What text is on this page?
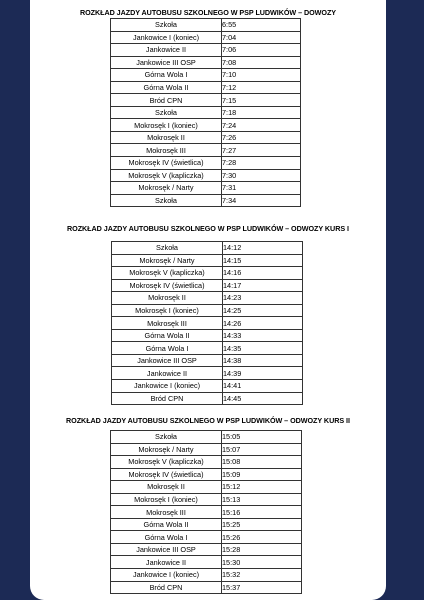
ROZKŁAD JAZDY AUTOBUSU SZKOLNEGO W PSP LUDWIKÓW – DOWOZY
Szkoła	6:55
Jankowice I (koniec)	7:04
Jankowice II	7:06
Jankowice III OSP	7:08
Górna Wola I	7:10
Górna Wola II	7:12
Bród CPN	7:15
Szkoła	7:18
Mokrosęk I (koniec)	7:24
Mokrosęk II	7:26
Mokrosęk III	7:27
Mokrosęk IV (świetlica)	7:28
Mokrosęk V (kapliczka)	7:30
Mokrosęk / Narty	7:31
Szkoła	7:34
ROZKŁAD JAZDY AUTOBUSU SZKOLNEGO W PSP LUDWIKÓW – ODWOZY KURS I
Szkoła	14:12
Mokrosęk / Narty	14:15
Mokrosęk V (kapliczka)	14:16
Mokrosęk IV (świetlica)	14:17
Mokrosęk II	14:23
Mokrosęk I (koniec)	14:25
Mokrosęk III	14:26
Górna Wola II	14:33
Górna Wola I	14:35
Jankowice III OSP	14:38
Jankowice II	14:39
Jankowice I (koniec)	14:41
Bród CPN	14:45
ROZKŁAD JAZDY AUTOBUSU SZKOLNEGO W PSP LUDWIKÓW – ODWOZY KURS II
Szkoła	15:05
Mokrosęk / Narty	15:07
Mokrosęk V (kapliczka)	15:08
Mokrosęk IV (świetlica)	15:09
Mokrosęk II	15:12
Mokrosęk I (koniec)	15:13
Mokrosęk III	15:16
Górna Wola II	15:25
Górna Wola I	15:26
Jankowice III OSP	15:28
Jankowice II	15:30
Jankowice I (koniec)	15:32
Bród CPN	15:37
